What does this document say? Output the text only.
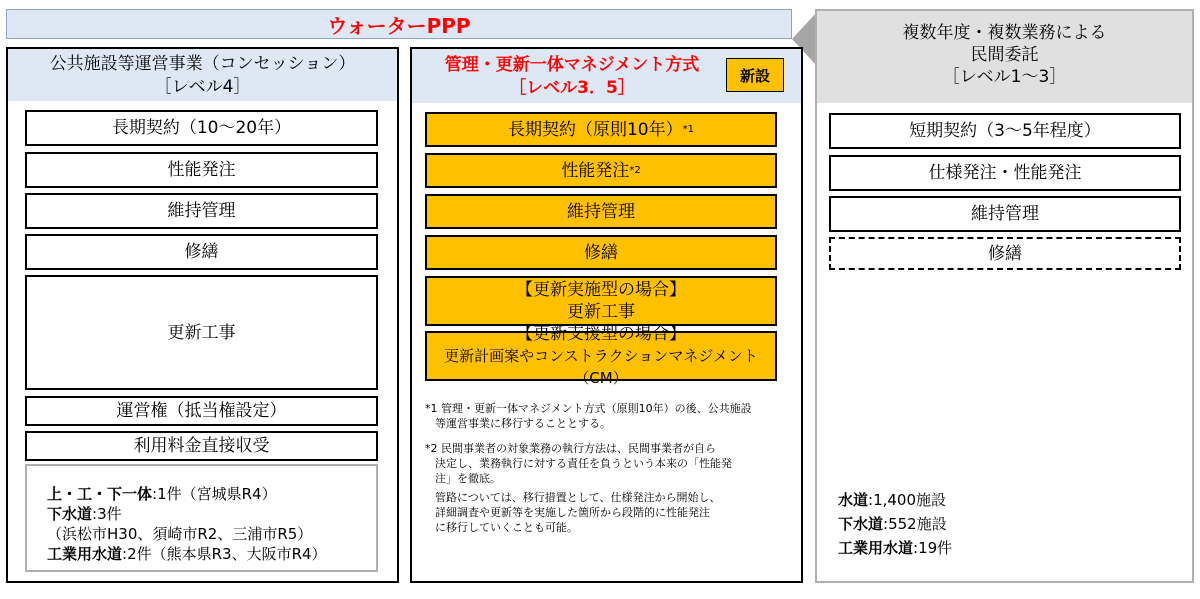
ウォーターPPP	複数年度・複数業務による
民間委託
［レベル1～3］
公共施設等運営事業（コンセッション）
［レベル4］
長期契約（10～20年）
性能発注
維持管理
修繕
更新工事
運営権（抵当権設定）
利用料金直接収受
上・工・下一体:1件（宮城県R4）
下水道:3件
（浜松市H30、須崎市R2、三浦市R5）
工業用水道:2件（熊本県R3、大阪市R4）
管理・更新一体マネジメント方式
［レベル3．5］
新設
長期契約（原則10年） *1
性能発注 *2
維持管理
修繕
【更新実施型の場合】
更新工事
【更新支援型の場合】
更新計画案やコンストラクションマネジメント（CM）

*1 管理・更新一体マネジメント方式（原則10年）の後、公共施設
等運営事業に移行することとする。

*2 民間事業者の対象業務の執行方法は、民間事業者が自ら
決定し、業務執行に対する責任を負うという本来の「性能発
注」を徹底。

管路については、移行措置として、仕様発注から開始し、
詳細調査や更新等を実施した箇所から段階的に性能発注
に移行していくことも可能。

短期契約（3～5年程度）
仕様発注・性能発注
維持管理
修繕
水道:1,400施設
下水道:552施設
工業用水道:19件
